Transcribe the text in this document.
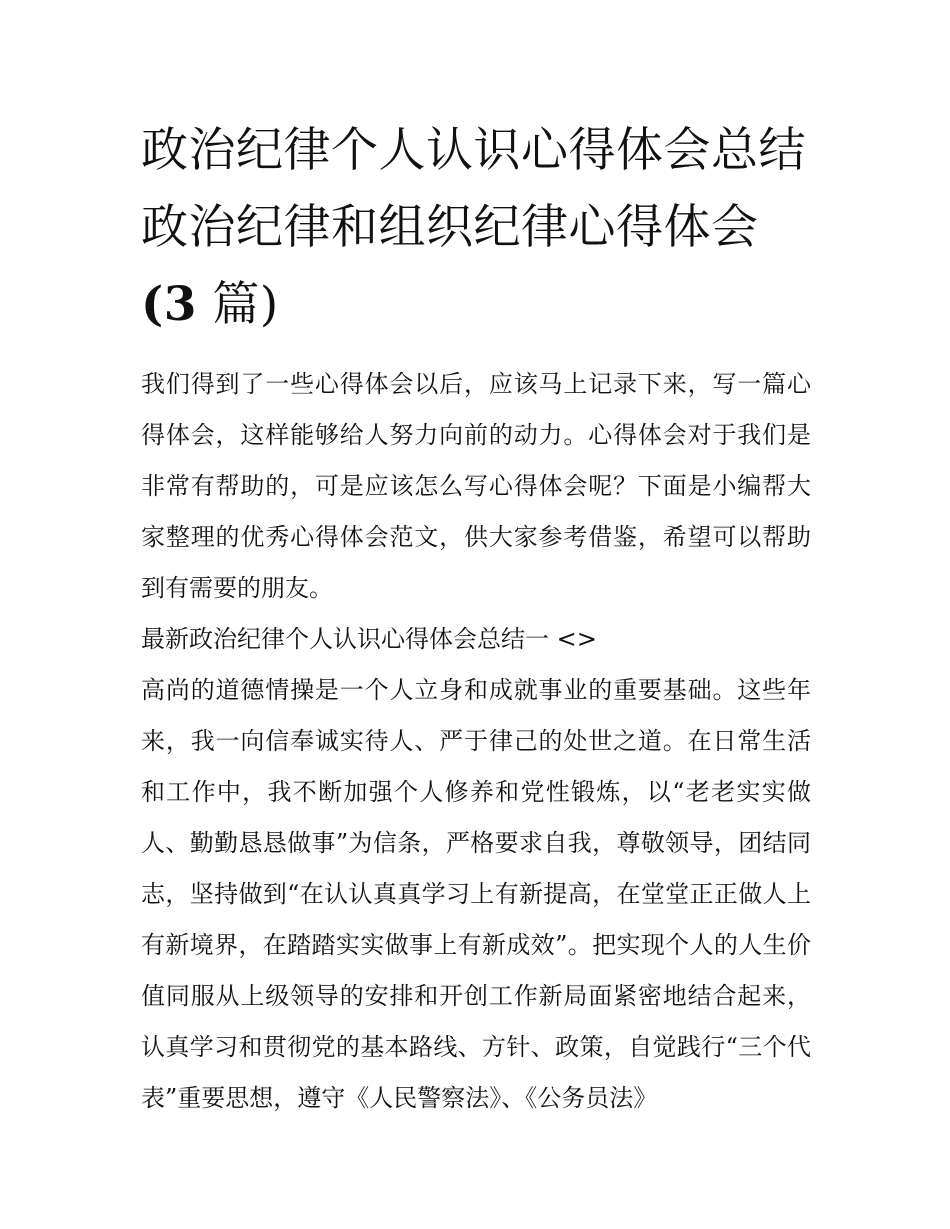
政治纪律个人认识心得体会总结 政治纪律和组织纪律心得体会(3 篇)

我们得到了一些心得体会以后，应该马上记录下来，写一篇心得体会，这样能够给人努力向前的动力。心得体会对于我们是非常有帮助的，可是应该怎么写心得体会呢？下面是小编帮大家整理的优秀心得体会范文，供大家参考借鉴，希望可以帮助到有需要的朋友。

最新政治纪律个人认识心得体会总结一 <>

高尚的道德情操是一个人立身和成就事业的重要基础。这些年来，我一向信奉诚实待人、严于律己的处世之道。在日常生活和工作中，我不断加强个人修养和党性锻炼，以“老老实实做人、勤勤恳恳做事”为信条，严格要求自我，尊敬领导，团结同志，坚持做到“在认认真真学习上有新提高，在堂堂正正做人上有新境界，在踏踏实实做事上有新成效”。把实现个人的人生价值同服从上级领导的安排和开创工作新局面紧密地结合起来，认真学习和贯彻党的基本路线、方针、政策，自觉践行“三个代表”重要思想，遵守《人民警察法》、《公务员法》
